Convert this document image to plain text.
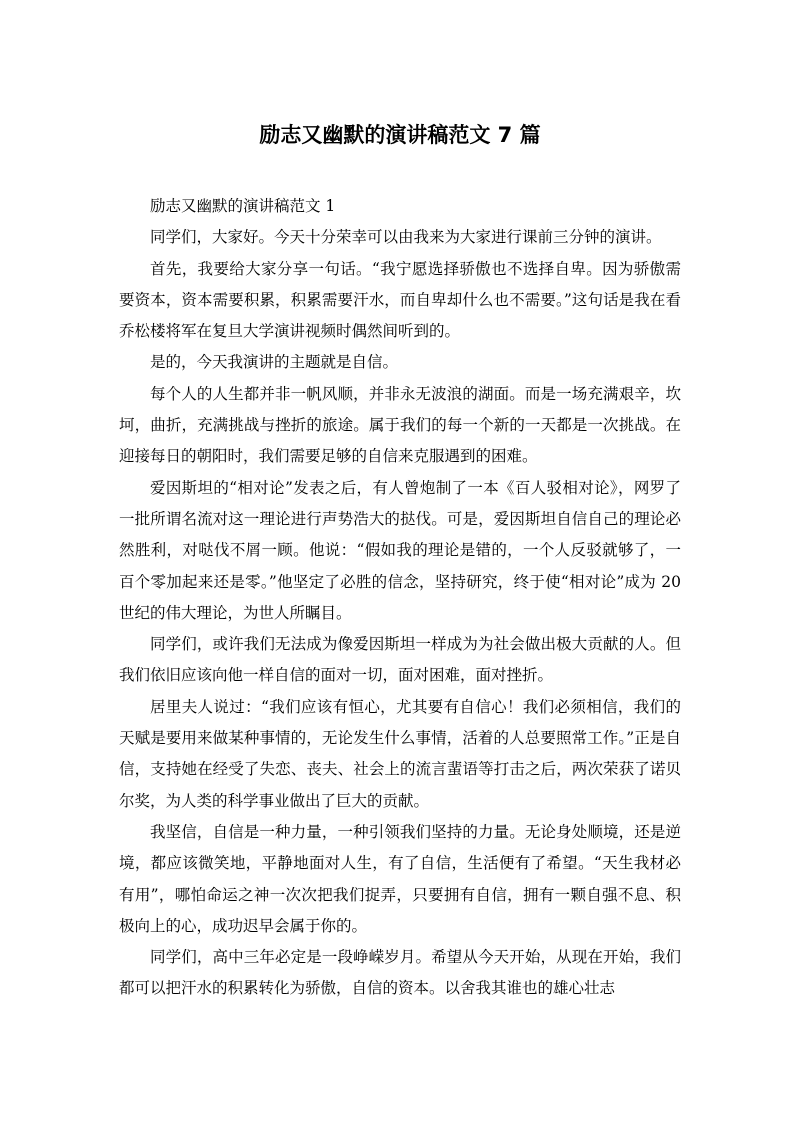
励志又幽默的演讲稿范文 7 篇

励志又幽默的演讲稿范文 1

同学们，大家好。今天十分荣幸可以由我来为大家进行课前三分钟的演讲。

首先，我要给大家分享一句话。“我宁愿选择骄傲也不选择自卑。因为骄傲需要资本，资本需要积累，积累需要汗水，而自卑却什么也不需要。”这句话是我在看乔松楼将军在复旦大学演讲视频时偶然间听到的。

是的，今天我演讲的主题就是自信。

每个人的人生都并非一帆风顺，并非永无波浪的湖面。而是一场充满艰辛，坎坷，曲折，充满挑战与挫折的旅途。属于我们的每一个新的一天都是一次挑战。在迎接每日的朝阳时，我们需要足够的自信来克服遇到的困难。

爱因斯坦的“相对论”发表之后，有人曾炮制了一本《百人驳相对论》，网罗了一批所谓名流对这一理论进行声势浩大的挞伐。可是，爱因斯坦自信自己的理论必然胜利，对哒伐不屑一顾。他说：“假如我的理论是错的，一个人反驳就够了，一百个零加起来还是零。”他坚定了必胜的信念，坚持研究，终于使“相对论”成为 20 世纪的伟大理论，为世人所瞩目。

同学们，或许我们无法成为像爱因斯坦一样成为为社会做出极大贡献的人。但我们依旧应该向他一样自信的面对一切，面对困难，面对挫折。

居里夫人说过：“我们应该有恒心，尤其要有自信心！我们必须相信，我们的天赋是要用来做某种事情的，无论发生什么事情，活着的人总要照常工作。”正是自信，支持她在经受了失恋、丧夫、社会上的流言蜚语等打击之后，两次荣获了诺贝尔奖，为人类的科学事业做出了巨大的贡献。

我坚信，自信是一种力量，一种引领我们坚持的力量。无论身处顺境，还是逆境，都应该微笑地，平静地面对人生，有了自信，生活便有了希望。“天生我材必有用”，哪怕命运之神一次次把我们捉弄，只要拥有自信，拥有一颗自强不息、积极向上的心，成功迟早会属于你的。

同学们，高中三年必定是一段峥嵘岁月。希望从今天开始，从现在开始，我们都可以把汗水的积累转化为骄傲，自信的资本。以舍我其谁也的雄心壮志
